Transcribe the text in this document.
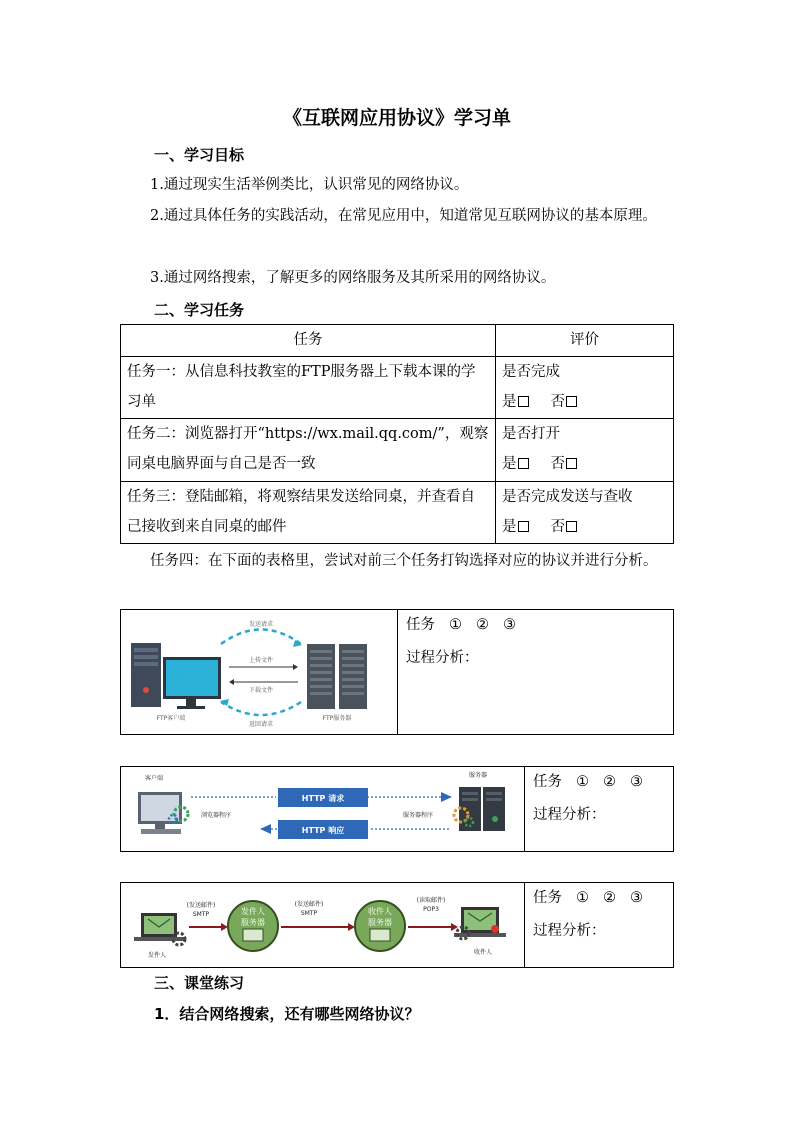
《互联网应用协议》学习单
一、学习目标
1.通过现实生活举例类比，认识常见的网络协议。
2.通过具体任务的实践活动，在常见应用中，知道常见互联网协议的基本原理。
3.通过网络搜索，了解更多的网络服务及其所采用的网络协议。
二、学习任务
任务	评价
任务一：从信息科技教室的FTP服务器上下载本课的学习单	是否完成
是 否

任务二：浏览器打开“https://wx.mail.qq.com/”，观察同桌电脑界面与自己是否一致	是否打开
是 否

任务三：登陆邮箱，将观察结果发送给同桌，并查看自己接收到来自同桌的邮件	是否完成发送与查收
是 否
任务四：在下面的表格里，尝试对前三个任务打钩选择对应的协议并进行分析。
发送请求
上传文件
下载文件
返回请求
FTP客户端	FTP服务器
任务 ① ② ③
过程分析：
客户端	服务器
HTTP 请求
HTTP 响应
浏览器程序	服务器程序
任务 ① ② ③
过程分析：
发件人
(发送邮件)
SMTP	发件人
服务器
(发送邮件)
SMTP	收件人
服务器
(读取邮件)
POP3
收件人
任务 ① ② ③
过程分析：
三、课堂练习
1．结合网络搜索，还有哪些网络协议？
